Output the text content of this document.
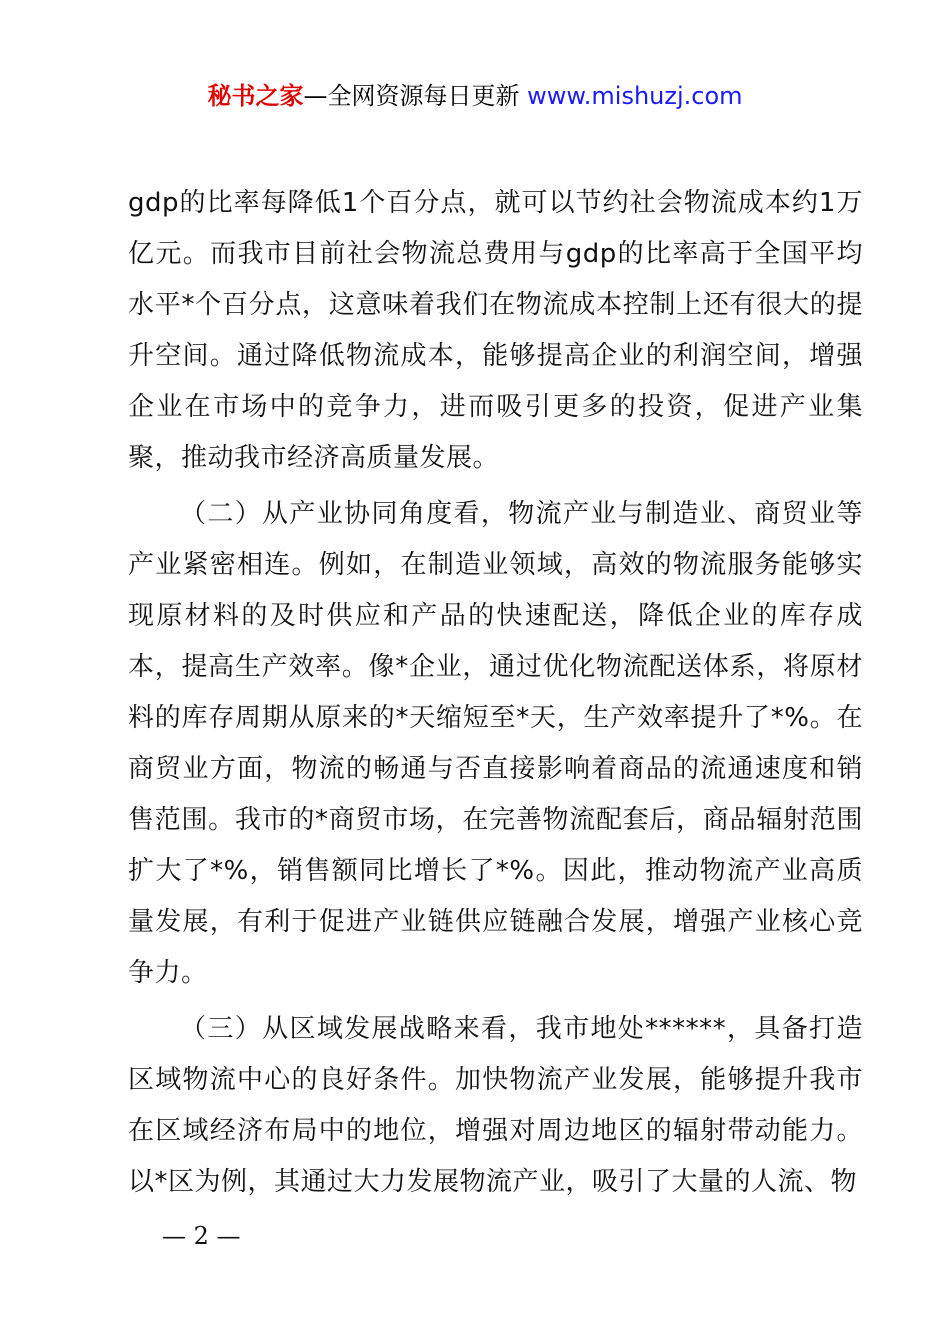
秘书之家—全网资源每日更新 www.mishuzj.com

gdp的比率每降低1个百分点，就可以节约社会物流成本约1万亿元。而我市目前社会物流总费用与gdp的比率高于全国平均水平*个百分点，这意味着我们在物流成本控制上还有很大的提升空间。通过降低物流成本，能够提高企业的利润空间，增强企业在市场中的竞争力，进而吸引更多的投资，促进产业集聚，推动我市经济高质量发展。

（二）从产业协同角度看，物流产业与制造业、商贸业等产业紧密相连。例如，在制造业领域，高效的物流服务能够实现原材料的及时供应和产品的快速配送，降低企业的库存成本，提高生产效率。像*企业，通过优化物流配送体系，将原材料的库存周期从原来的*天缩短至*天，生产效率提升了*%。在商贸业方面，物流的畅通与否直接影响着商品的流通速度和销售范围。我市的*商贸市场，在完善物流配套后，商品辐射范围扩大了*%，销售额同比增长了*%。因此，推动物流产业高质量发展，有利于促进产业链供应链融合发展，增强产业核心竞争力。

（三）从区域发展战略来看，我市地处******，具备打造区域物流中心的良好条件。加快物流产业发展，能够提升我市在区域经济布局中的地位，增强对周边地区的辐射带动能力。以*区为例，其通过大力发展物流产业，吸引了大量的人流、物

— 2 —
